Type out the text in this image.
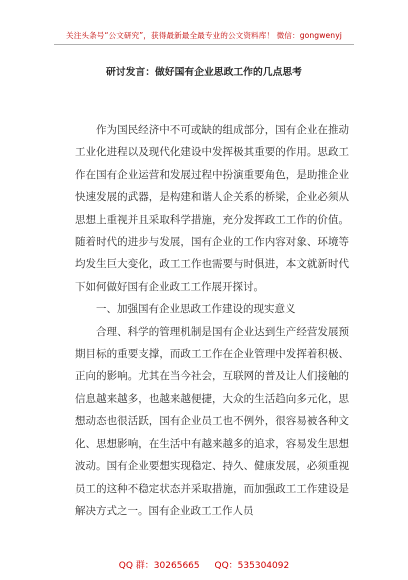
关注头条号“公文研究”，获得最新最全最专业的公文资料库！ 微信：gongwenyj
研讨发言：做好国有企业思政工作的几点思考

作为国民经济中不可或缺的组成部分，国有企业在推动工业化进程以及现代化建设中发挥极其重要的作用。思政工作在国有企业运营和发展过程中扮演重要角色，是助推企业快速发展的武器，是构建和谐人企关系的桥梁，企业必须从思想上重视并且采取科学措施，充分发挥政工工作的价值。随着时代的进步与发展，国有企业的工作内容对象、环境等均发生巨大变化，政工工作也需要与时俱进，本文就新时代下如何做好国有企业政工工作展开探讨。

一、加强国有企业思政工作建设的现实意义

合理、科学的管理机制是国有企业达到生产经营发展预期目标的重要支撑，而政工工作在企业管理中发挥着积极、正向的影响。尤其在当今社会，互联网的普及让人们接触的信息越来越多，也越来越便捷，大众的生活趋向多元化，思想动态也很活跃，国有企业员工也不例外，很容易被各种文化、思想影响，在生活中有越来越多的追求，容易发生思想波动。国有企业要想实现稳定、持久、健康发展，必须重视员工的这种不稳定状态并采取措施，而加强政工工作建设是解决方式之一。国有企业政工工作人员

QQ 群：30265665 QQ：535304092
